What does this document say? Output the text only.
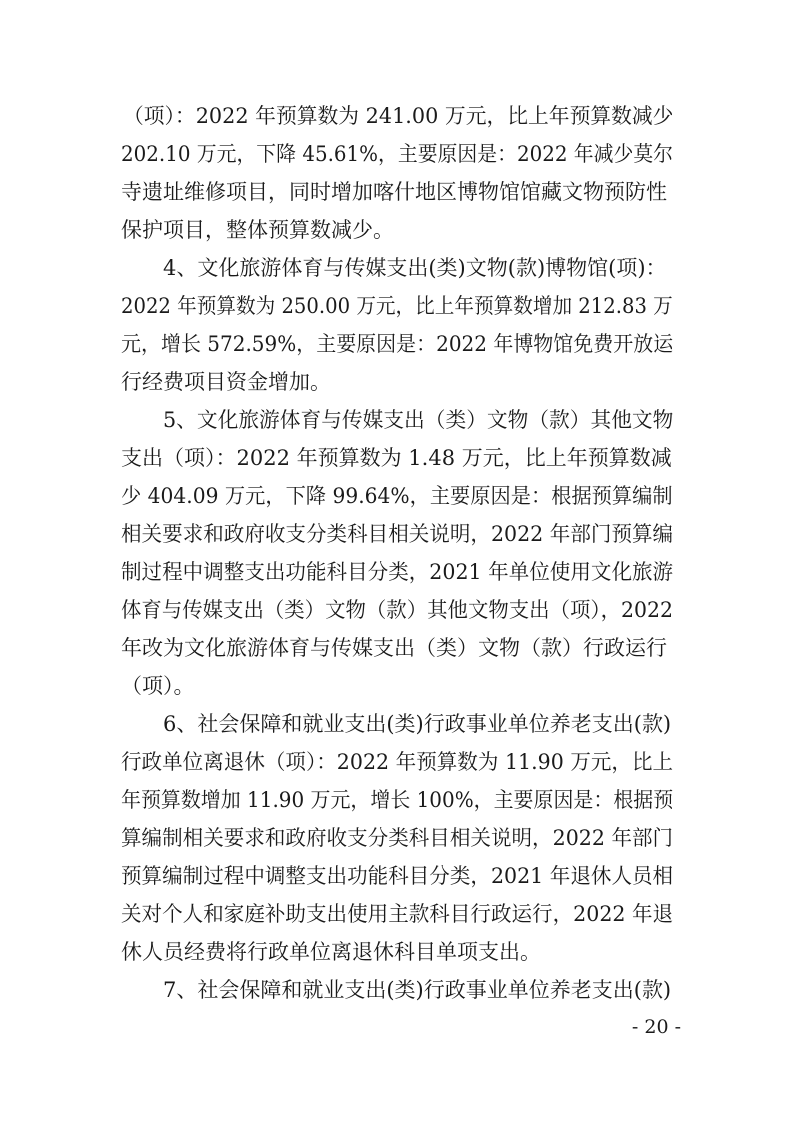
（项）：2022 年预算数为 241.00 万元，比上年预算数减少
202.10 万元，下降 45.61%，主要原因是：2022 年减少莫尔
寺遗址维修项目，同时增加喀什地区博物馆馆藏文物预防性
保护项目，整体预算数减少。
4、文化旅游体育与传媒支出(类)文物(款)博物馆(项)：
2022 年预算数为 250.00 万元，比上年预算数增加 212.83 万
元，增长 572.59%，主要原因是：2022 年博物馆免费开放运
行经费项目资金增加。
5、文化旅游体育与传媒支出（类）文物（款）其他文物
支出（项）：2022 年预算数为 1.48 万元，比上年预算数减
少 404.09 万元，下降 99.64%，主要原因是：根据预算编制
相关要求和政府收支分类科目相关说明，2022 年部门预算编
制过程中调整支出功能科目分类，2021 年单位使用文化旅游
体育与传媒支出（类）文物（款）其他文物支出（项），2022
年改为文化旅游体育与传媒支出（类）文物（款）行政运行
（项）。
6、社会保障和就业支出(类)行政事业单位养老支出(款)
行政单位离退休（项）：2022 年预算数为 11.90 万元，比上
年预算数增加 11.90 万元，增长 100%，主要原因是：根据预
算编制相关要求和政府收支分类科目相关说明，2022 年部门
预算编制过程中调整支出功能科目分类，2021 年退休人员相
关对个人和家庭补助支出使用主款科目行政运行，2022 年退
休人员经费将行政单位离退休科目单项支出。
7、社会保障和就业支出(类)行政事业单位养老支出(款)
- 20 -
